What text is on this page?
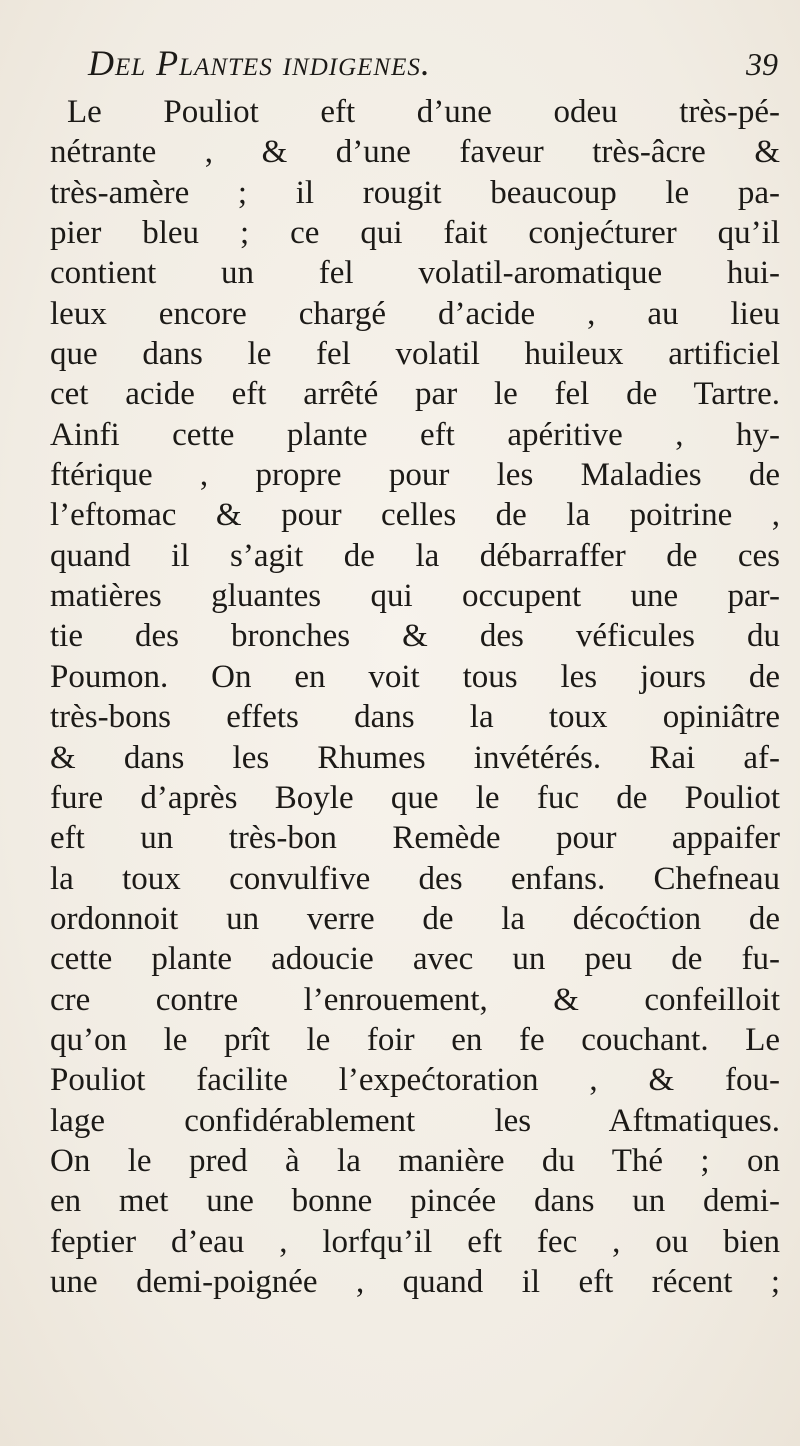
Del Plantes indigenes.	39
Le Pouliot eft d’une odeu très-pé-
nétrante , & d’une faveur très-âcre &
très-amère ; il rougit beaucoup le pa-
pier bleu ; ce qui fait conjećturer qu’il
contient un fel volatil-aromatique hui-
leux encore chargé d’acide , au lieu
que dans le fel volatil huileux artificiel
cet acide eft arrêté par le fel de Tartre.
Ainfi cette plante eft apéritive , hy-
ftérique , propre pour les Maladies de
l’eftomac & pour celles de la poitrine ,
quand il s’agit de la débarraffer de ces
matières gluantes qui occupent une par-
tie des bronches & des véficules du
Poumon. On en voit tous les jours de
très-bons effets dans la toux opiniâtre
& dans les Rhumes invétérés. Rai af-
fure d’après Boyle que le fuc de Pouliot
eft un très-bon Remède pour appaifer
la toux convulfive des enfans. Chefneau
ordonnoit un verre de la décoćtion de
cette plante adoucie avec un peu de fu-
cre contre l’enrouement, & confeilloit
qu’on le prît le foir en fe couchant. Le
Pouliot facilite l’expećtoration , & fou-
lage confidérablement les Aftmatiques.
On le pred à la manière du Thé ; on
en met une bonne pincée dans un demi-
feptier d’eau , lorfqu’il eft fec , ou bien
une demi-poignée , quand il eft récent ;
